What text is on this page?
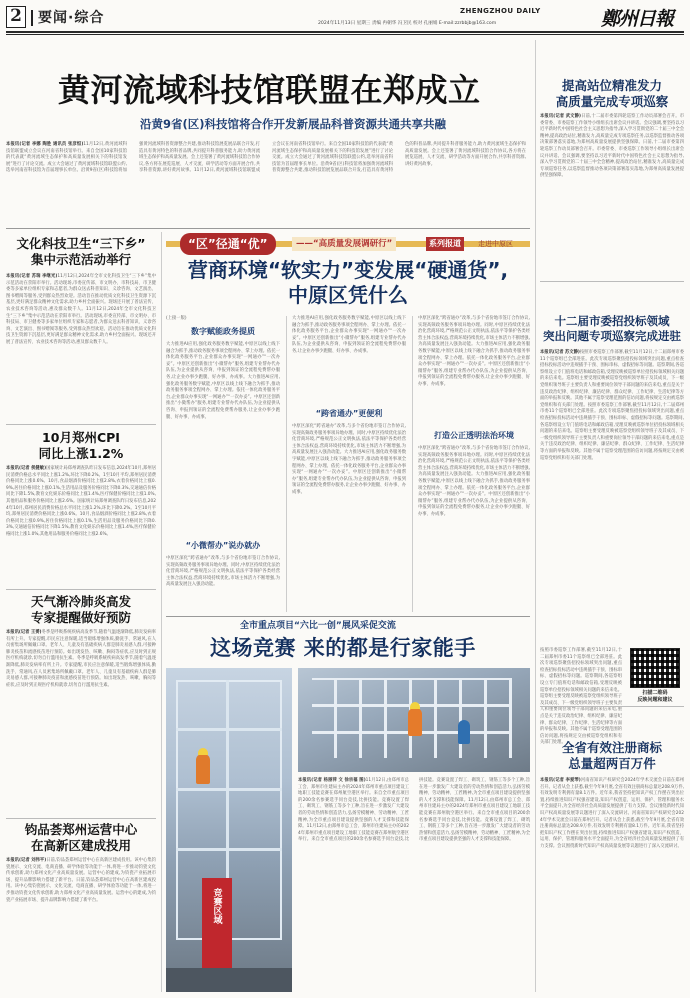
2 要闻·综合	ZHENGZHOU DAILY
2024年11月13日 星期三 责编 冉朝华 冯卫民 校对 孔丽娟 E-mail:zzrbbjb@163.com	鄭州日報
黄河流域科技馆联盟在郑成立
沿黄9省(区)科技馆将合作开发新展品科普资源共通共享共融
本报讯(记者 李娜 陶胜 通讯员 张彦恒)11月12日,黄河流域科技馆联盟成立会议在河南省科技馆举行。来自全国10家科技馆的代表就“黄河流域生态保护和高质量发展相关下的科技馆发展”进行了讨论交流。成立大会通过了黄河流域科技馆联盟公约,选举河南省科技馆为首届理事长单位。沿黄9省(区)科技馆将加强黄河流域科普资源整合共建,推动科技馆展览展品联合开发,打造具有黄河特色的科普品牌,共同提升科普服务能力,助力黄河流域生态保护和高质量发展。会上还签署了黄河流域科技馆合作协议,各方将在展览巡展、人才交流、研学活动等方面开展合作,共享科普资源,讲好黄河故事。11月12日,黄河流域科技馆联盟成立会议在河南省科技馆举行。来自全国10家科技馆的代表就“黄河流域生态保护和高质量发展相关下的科技馆发展”进行了讨论交流。成立大会通过了黄河流域科技馆联盟公约,选举河南省科技馆为首届理事长单位。沿黄9省(区)科技馆将加强黄河流域科普资源整合共建,推动科技馆展览展品联合开发,打造具有黄河特色的科普品牌,共同提升科普服务能力,助力黄河流域生态保护和高质量发展。会上还签署了黄河流域科技馆合作协议,各方将在展览巡展、人才交流、研学活动等方面开展合作,共享科普资源,讲好黄河故事。
文化科技卫生“三下乡”
集中示范活动举行
本报讯(记者 苏瑞 李继光)11月12日,2024年全市文化科技卫生“三下乡”集中示范活动在荥阳市举行。活动现场,市委宣传部、市文明办、市科技局、市卫健委等多家单位组织专家和志愿者,为群众送去科普知识、义诊咨询、文艺演出、图书赠阅等服务,受到群众热烈欢迎。活动旨在推动优质文化科技卫生资源下沉基层,更好满足群众精神文化需求,助力乡村全面振兴。现场还开展了普法宣传、农业技术咨询等活动,惠及群众数千人。11月12日,2024年全市文化科技卫生“三下乡”集中示范活动在荥阳市举行。活动现场,市委宣传部、市文明办、市科技局、市卫健委等多家单位组织专家和志愿者,为群众送去科普知识、义诊咨询、文艺演出、图书赠阅等服务,受到群众热烈欢迎。活动旨在推动优质文化科技卫生资源下沉基层,更好满足群众精神文化需求,助力乡村全面振兴。现场还开展了普法宣传、农业技术咨询等活动,惠及群众数千人。
10月郑州CPI
同比上涨1.2%
本报讯(记者 侯健敏)国家统计局郑州调查队昨日发布信息,2024年10月,郑州居民消费价格总水平同比上涨1.2%,环比下降0.2%。1至10月平均,郑州居民消费价格同比上涨0.6%。10月,食品烟酒价格同比上涨2.8%,衣着价格同比上涨0.9%,居住价格同比上涨0.1%,生活用品及服务价格同比下降0.3%,交通通信价格同比下降1.5%,教育文化娱乐价格同比上涨1.4%,医疗保健价格同比上涨1.0%,其他用品和服务价格同比上涨2.6%。国家统计局郑州调查队昨日发布信息,2024年10月,郑州居民消费价格总水平同比上涨1.2%,环比下降0.2%。1至10月平均,郑州居民消费价格同比上涨0.6%。10月,食品烟酒价格同比上涨2.8%,衣着价格同比上涨0.9%,居住价格同比上涨0.1%,生活用品及服务价格同比下降0.3%,交通通信价格同比下降1.5%,教育文化娱乐价格同比上涨1.4%,医疗保健价格同比上涨1.0%,其他用品和服务价格同比上涨2.6%。
天气渐冷肺炎高发
专家提醒做好预防
本报讯(记者 王赟)冬季是呼吸系统疾病高发季节,随着气温逐渐降低,肺炎发病率有所上升。专家提醒,市民应注意保暖,适当锻炼增强体质,勤洗手、常通风,在人员密集场所佩戴口罩。老年人、儿童及有基础疾病人群是肺炎易感人群,可接种肺炎疫苗和流感疫苗进行预防。如出现发热、咳嗽、胸闷等症状,应及时到正规医疗机构就诊,切勿自行滥用抗生素。冬季是呼吸系统疾病高发季节,随着气温逐渐降低,肺炎发病率有所上升。专家提醒,市民应注意保暖,适当锻炼增强体质,勤洗手、常通风,在人员密集场所佩戴口罩。老年人、儿童及有基础疾病人群是肺炎易感人群,可接种肺炎疫苗和流感疫苗进行预防。如出现发热、咳嗽、胸闷等症状,应及时到正规医疗机构就诊,切勿自行滥用抗生素。
钧品荟郑州运营中心
在高新区建成投用
本报讯(记者 刘伟平)日前,钧品荟郑州运营中心在高新区建成投用。该中心集钧瓷展示、文化交流、电商直播、研学体验等功能于一体,将进一步推动钧瓷文化传承创新,助力郑州文化产业高质量发展。运营中心的建成,为钧瓷产业拓展市场、提升品牌影响力搭建了新平台。日前,钧品荟郑州运营中心在高新区建成投用。该中心集钧瓷展示、文化交流、电商直播、研学体验等功能于一体,将进一步推动钧瓷文化传承创新,助力郑州文化产业高质量发展。运营中心的建成,为钧瓷产业拓展市场、提升品牌影响力搭建了新平台。
“区”径通“优”	——“高质量发展调研行”	系列报道	走进中原区
营商环境“软实力”变发展“硬通货”,
中原区凭什么
(上接一版)
数字赋能政务提质
大力推进AI应用,强化政务服务数字赋能,中原区以线上线下融合为抓手,推动政务服务事项全程网办、掌上办理。依托一体化政务服务平台,企业群众办事实现“一网通办”“一次办妥”。中原区还创新推出“小微帮办”服务,组建专业帮办代办队伍,为企业提供从咨询、申报到领证的全流程免费帮办服务,让企业办事少跑腿、好办事、办成事。大力推进AI应用,强化政务服务数字赋能,中原区以线上线下融合为抓手,推动政务服务事项全程网办、掌上办理。依托一体化政务服务平台,企业群众办事实现“一网通办”“一次办妥”。中原区还创新推出“小微帮办”服务,组建专业帮办代办队伍,为企业提供从咨询、申报到领证的全流程免费帮办服务,让企业办事少跑腿、好办事、办成事。
“小微帮办”说办就办
中原区深化“跨省通办”改革,与多个省份地市签订合作协议,实现高频政务服务事项异地办理。同时,中原区持续优化法治化营商环境,严格规范公正文明执法,依法平等保护各类经营主体合法权益,营商环境持续优化,市场主体活力不断增强,为高质量发展注入强劲动能。
大力推进AI应用,强化政务服务数字赋能,中原区以线上线下融合为抓手,推动政务服务事项全程网办、掌上办理。依托一体化政务服务平台,企业群众办事实现“一网通办”“一次办妥”。中原区还创新推出“小微帮办”服务,组建专业帮办代办队伍,为企业提供从咨询、申报到领证的全流程免费帮办服务,让企业办事少跑腿、好办事、办成事。
“跨省通办”更便利
中原区深化“跨省通办”改革,与多个省份地市签订合作协议,实现高频政务服务事项异地办理。同时,中原区持续优化法治化营商环境,严格规范公正文明执法,依法平等保护各类经营主体合法权益,营商环境持续优化,市场主体活力不断增强,为高质量发展注入强劲动能。大力推进AI应用,强化政务服务数字赋能,中原区以线上线下融合为抓手,推动政务服务事项全程网办、掌上办理。依托一体化政务服务平台,企业群众办事实现“一网通办”“一次办妥”。中原区还创新推出“小微帮办”服务,组建专业帮办代办队伍,为企业提供从咨询、申报到领证的全流程免费帮办服务,让企业办事少跑腿、好办事、办成事。
中原区深化“跨省通办”改革,与多个省份地市签订合作协议,实现高频政务服务事项异地办理。同时,中原区持续优化法治化营商环境,严格规范公正文明执法,依法平等保护各类经营主体合法权益,营商环境持续优化,市场主体活力不断增强,为高质量发展注入强劲动能。大力推进AI应用,强化政务服务数字赋能,中原区以线上线下融合为抓手,推动政务服务事项全程网办、掌上办理。依托一体化政务服务平台,企业群众办事实现“一网通办”“一次办妥”。中原区还创新推出“小微帮办”服务,组建专业帮办代办队伍,为企业提供从咨询、申报到领证的全流程免费帮办服务,让企业办事少跑腿、好办事、办成事。
打造公正透明法治环境
中原区深化“跨省通办”改革,与多个省份地市签订合作协议,实现高频政务服务事项异地办理。同时,中原区持续优化法治化营商环境,严格规范公正文明执法,依法平等保护各类经营主体合法权益,营商环境持续优化,市场主体活力不断增强,为高质量发展注入强劲动能。大力推进AI应用,强化政务服务数字赋能,中原区以线上线下融合为抓手,推动政务服务事项全程网办、掌上办理。依托一体化政务服务平台,企业群众办事实现“一网通办”“一次办妥”。中原区还创新推出“小微帮办”服务,组建专业帮办代办队伍,为企业提供从咨询、申报到领证的全流程免费帮办服务,让企业办事少跑腿、好办事、办成事。
全市重点项目“六比一创”展风采促交流
这场竞赛 来的都是行家能手
竞赛区域
本报讯(记者 杨丽萍 文 徐宗福 图)11月12日,由郑州市总工会、郑州市住建局主办的2024年郑州市重点项目建设工地职工技能竞赛在郑州航空港区举行。来自全市重点项目的200余名参赛选手同台竞技,比拼技能。竞赛设置了焊工、砌筑工、钢筋工等多个工种,旨在进一步激发广大建设者的劳动热情和创造活力,弘扬劳模精神、劳动精神、工匠精神,为全市重点项目建设提供坚强的人才支撑和技能保障。11月12日,由郑州市总工会、郑州市住建局主办的2024年郑州市重点项目建设工地职工技能竞赛在郑州航空港区举行。来自全市重点项目的200余名参赛选手同台竞技,比拼技能。竞赛设置了焊工、砌筑工、钢筋工等多个工种,旨在进一步激发广大建设者的劳动热情和创造活力,弘扬劳模精神、劳动精神、工匠精神,为全市重点项目建设提供坚强的人才支撑和技能保障。11月12日,由郑州市总工会、郑州市住建局主办的2024年郑州市重点项目建设工地职工技能竞赛在郑州航空港区举行。来自全市重点项目的200余名参赛选手同台竞技,比拼技能。竞赛设置了焊工、砌筑工、钢筋工等多个工种,旨在进一步激发广大建设者的劳动热情和创造活力,弘扬劳模精神、劳动精神、工匠精神,为全市重点项目建设提供坚强的人才支撑和技能保障。
提高站位精准发力
高质量完成专项巡察
本报讯(记者 武文静)日前,十二届市委第四轮巡察工作动员部署会召开。市委常委、市委巡察工作领导小组组长出席会议并讲话。会议强调,要坚持以习近平新时代中国特色社会主义思想为指导,深入学习贯彻党的二十届三中全会精神,提高政治站位,精准发力,高质量完成专项巡察任务,以巡察监督推动各项决策部署落实落地,为郑州高质量发展提供坚强保障。日前,十二届市委第四轮巡察工作动员部署会召开。市委常委、市委巡察工作领导小组组长出席会议并讲话。会议强调,要坚持以习近平新时代中国特色社会主义思想为指导,深入学习贯彻党的二十届三中全会精神,提高政治站位,精准发力,高质量完成专项巡察任务,以巡察监督推动各项决策部署落实落地,为郑州高质量发展提供坚强保障。
十二届市委招投标领域
突出问题专项巡察完成进驻
本报讯(记者 苏文静)按照市委巡察工作部署,截至11月12日,十二届郑州市委11个巡察组已全部进驻。此次专项巡察聚焦招投标领域突出问题,重点检查招标投标活动中违规插手干预、围标串标、虚假招标等问题。巡察期间,各巡察组设立专门值班电话和邮政信箱,受理反映被巡察单位招投标领域相关问题的来信来电。巡察组主要受理反映被巡察党组织领导班子及其成员、下一级党组织领导班子主要负责人和重要岗位领导干部问题的来信来电,重点是关于违反政治纪律、组织纪律、廉洁纪律、群众纪律、工作纪律、生活纪律等方面的举报和反映。其他不属于巡察受理范围的信访问题,将按规定交由被巡察党组织和有关部门处理。按照市委巡察工作部署,截至11月12日,十二届郑州市委11个巡察组已全部进驻。此次专项巡察聚焦招投标领域突出问题,重点检查招标投标活动中违规插手干预、围标串标、虚假招标等问题。巡察期间,各巡察组设立专门值班电话和邮政信箱,受理反映被巡察单位招投标领域相关问题的来信来电。巡察组主要受理反映被巡察党组织领导班子及其成员、下一级党组织领导班子主要负责人和重要岗位领导干部问题的来信来电,重点是关于违反政治纪律、组织纪律、廉洁纪律、群众纪律、工作纪律、生活纪律等方面的举报和反映。其他不属于巡察受理范围的信访问题,将按规定交由被巡察党组织和有关部门处理。
按照市委巡察工作部署,截至11月12日,十二届郑州市委11个巡察组已全部进驻。此次专项巡察聚焦招投标领域突出问题,重点检查招标投标活动中违规插手干预、围标串标、虚假招标等问题。巡察期间,各巡察组设立专门值班电话和邮政信箱,受理反映被巡察单位招投标领域相关问题的来信来电。巡察组主要受理反映被巡察党组织领导班子及其成员、下一级党组织领导班子主要负责人和重要岗位领导干部问题的来信来电,重点是关于违反政治纪律、组织纪律、廉洁纪律、群众纪律、工作纪律、生活纪律等方面的举报和反映。其他不属于巡察受理范围的信访问题,将按规定交由被巡察党组织和有关部门处理。
扫描二维码
反映问题和建议
全省有效注册商标
总量超两百万件
本报讯(记者 李爱琴)河南省知识产权研究会2024年学术交流会日前在郑州召开。记者从会上获悉,截至今年9月底,全省有效注册商标总量达208.9万件,有效发明专利拥有量8.1万件。近年来,我省坚持把知识产权工作摆在突出位置,持续推进知识产权强省建设,知识产权创造、运用、保护、管理和服务水平全面提升,为全省经济社会高质量发展提供了有力支撑。会议围绕新时代知识产权高质量发展等议题进行了深入交流研讨。河南省知识产权研究会2024年学术交流会日前在郑州召开。记者从会上获悉,截至今年9月底,全省有效注册商标总量达208.9万件,有效发明专利拥有量8.1万件。近年来,我省坚持把知识产权工作摆在突出位置,持续推进知识产权强省建设,知识产权创造、运用、保护、管理和服务水平全面提升,为全省经济社会高质量发展提供了有力支撑。会议围绕新时代知识产权高质量发展等议题进行了深入交流研讨。
